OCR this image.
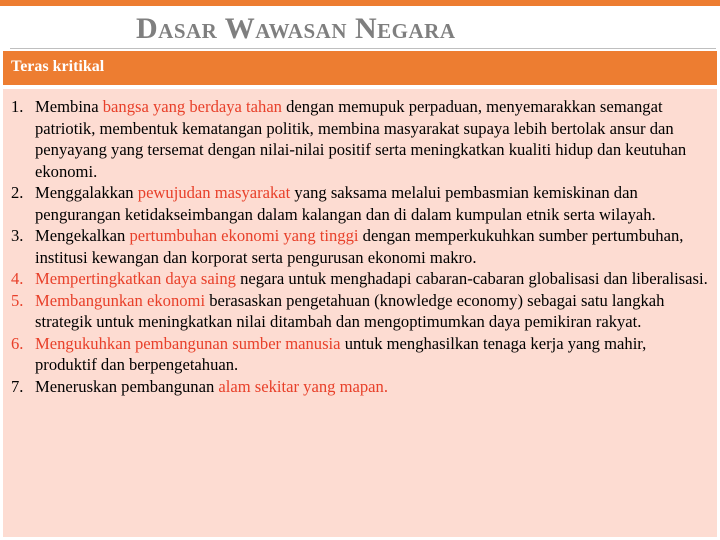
Dasar Wawasan Negara
Teras kritikal
1. Membina bangsa yang berdaya tahan dengan memupuk perpaduan, menyemarakkan semangat patriotik, membentuk kematangan politik, membina masyarakat supaya lebih bertolak ansur dan penyayang yang tersemat dengan nilai-nilai positif serta meningkatkan kualiti hidup dan keutuhan ekonomi.
2. Menggalakkan pewujudan masyarakat yang saksama melalui pembasmian kemiskinan dan pengurangan ketidakseimbangan dalam kalangan dan di dalam kumpulan etnik serta wilayah.
3. Mengekalkan pertumbuhan ekonomi yang tinggi dengan memperkukuhkan sumber pertumbuhan, institusi kewangan dan korporat serta pengurusan ekonomi makro.
4. Mempertingkatkan daya saing negara untuk menghadapi cabaran-cabaran globalisasi dan liberalisasi.
5. Membangunkan ekonomi berasaskan pengetahuan (knowledge economy) sebagai satu langkah strategik untuk meningkatkan nilai ditambah dan mengoptimumkan daya pemikiran rakyat.
6. Mengukuhkan pembangunan sumber manusia untuk menghasilkan tenaga kerja yang mahir, produktif dan berpengetahuan.
7. Meneruskan pembangunan alam sekitar yang mapan.
